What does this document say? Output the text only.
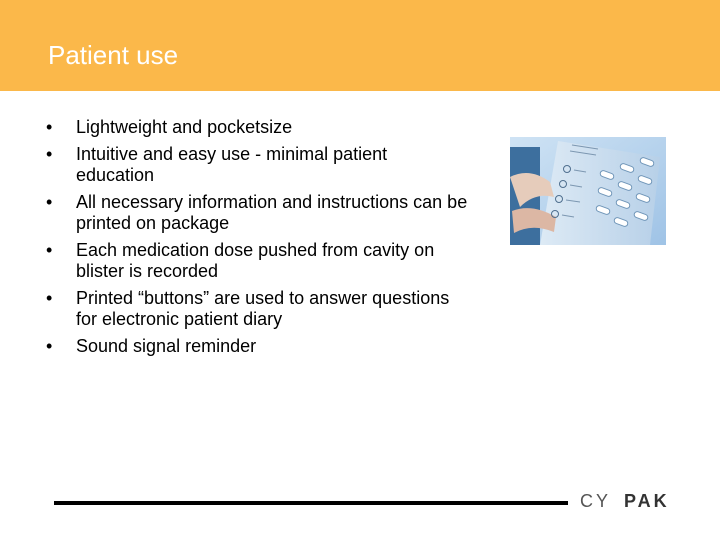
Patient use
• Lightweight and pocketsize
• Intuitive and easy use - minimal patient education
• All necessary information and instructions can be printed on package
• Each medication dose pushed from cavity on blister is recorded
• Printed “buttons” are used to answer questions for electronic patient diary
• Sound signal reminder
CY PAK
